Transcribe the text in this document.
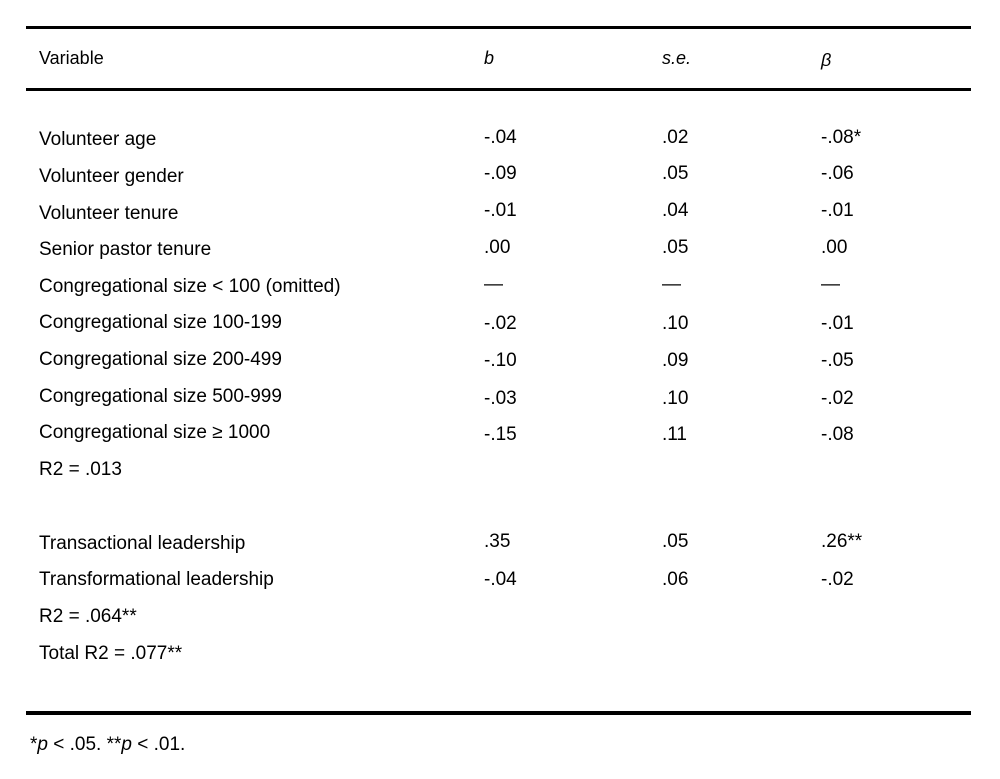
Variable	b	s.e.	β
Volunteer age	-.04	.02	-.08*
Volunteer gender	-.09	.05	-.06
Volunteer tenure	-.01	.04	-.01
Senior pastor tenure	.00	.05	.00
Congregational size < 100 (omitted)	—	—	—
Congregational size 100-199	-.02	.10	-.01
Congregational size 200-499	-.10	.09	-.05
Congregational size 500-999	-.03	.10	-.02
Congregational size ≥ 1000	-.15	.11	-.08
R2 = .013
Transactional leadership	.35	.05	.26**
Transformational leadership	-.04	.06	-.02
R2 = .064**
Total R2 = .077**
*p < .05. **p < .01.
